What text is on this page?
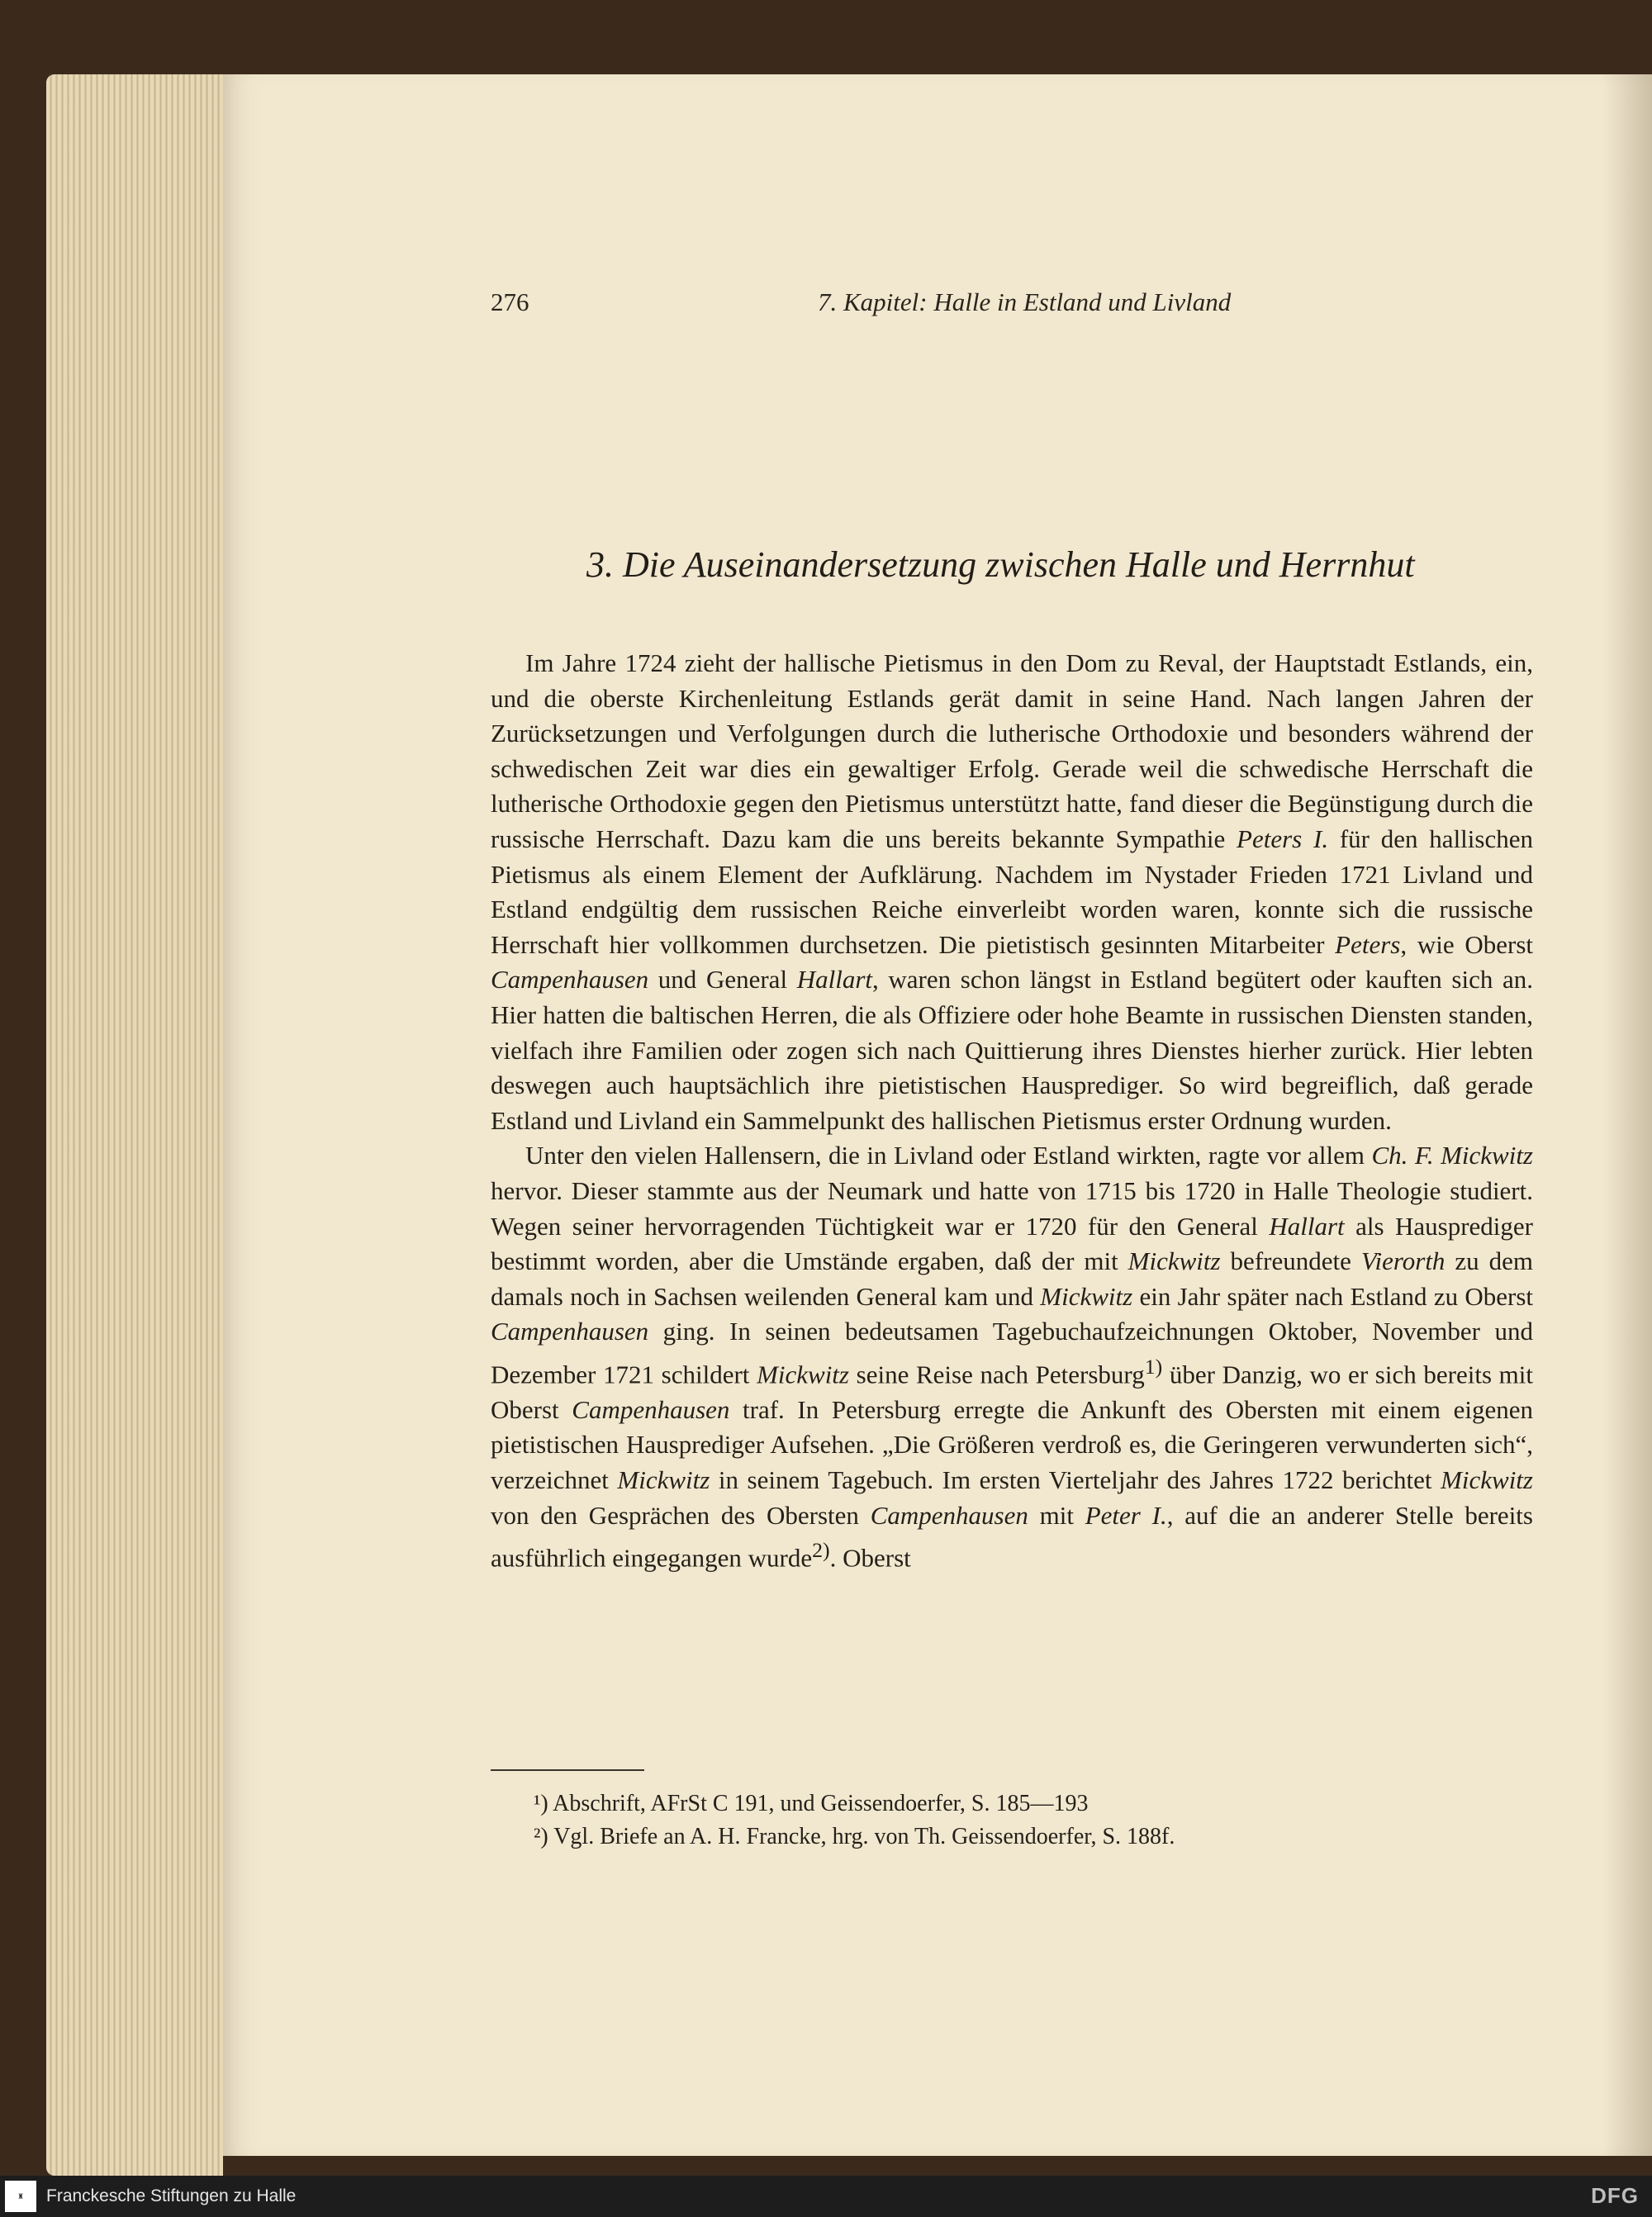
276	7. Kapitel: Halle in Estland und Livland
3. Die Auseinandersetzung zwischen Halle und Herrnhut

Im Jahre 1724 zieht der hallische Pietismus in den Dom zu Reval, der Hauptstadt Estlands, ein, und die oberste Kirchenleitung Estlands gerät damit in seine Hand. Nach langen Jahren der Zurücksetzungen und Verfolgungen durch die lutherische Orthodoxie und besonders während der schwedischen Zeit war dies ein gewaltiger Erfolg. Gerade weil die schwedische Herrschaft die lutherische Orthodoxie gegen den Pietismus unterstützt hatte, fand dieser die Begünstigung durch die russische Herrschaft. Dazu kam die uns bereits bekannte Sympathie Peters I. für den hallischen Pietismus als einem Element der Aufklärung. Nachdem im Nystader Frieden 1721 Livland und Estland endgültig dem russischen Reiche einverleibt worden waren, konnte sich die russische Herrschaft hier vollkommen durchsetzen. Die pietistisch gesinnten Mitarbeiter Peters, wie Oberst Campenhausen und General Hallart, waren schon längst in Estland begütert oder kauften sich an. Hier hatten die baltischen Herren, die als Offiziere oder hohe Beamte in russischen Diensten standen, vielfach ihre Familien oder zogen sich nach Quittierung ihres Dienstes hierher zurück. Hier lebten deswegen auch hauptsächlich ihre pietistischen Hausprediger. So wird begreiflich, daß gerade Estland und Livland ein Sammelpunkt des hallischen Pietismus erster Ordnung wurden.

Unter den vielen Hallensern, die in Livland oder Estland wirkten, ragte vor allem Ch. F. Mickwitz hervor. Dieser stammte aus der Neumark und hatte von 1715 bis 1720 in Halle Theologie studiert. Wegen seiner hervorragenden Tüchtigkeit war er 1720 für den General Hallart als Hausprediger bestimmt worden, aber die Umstände ergaben, daß der mit Mickwitz befreundete Vierorth zu dem damals noch in Sachsen weilenden General kam und Mickwitz ein Jahr später nach Estland zu Oberst Campenhausen ging. In seinen bedeutsamen Tagebuchaufzeichnungen Oktober, November und Dezember 1721 schildert Mickwitz seine Reise nach Petersburg$^{1)}$ über Danzig, wo er sich bereits mit Oberst Campenhausen traf. In Petersburg erregte die Ankunft des Obersten mit einem eigenen pietistischen Hausprediger Aufsehen. „Die Größeren verdroß es, die Geringeren verwunderten sich“, verzeichnet Mickwitz in seinem Tagebuch. Im ersten Vierteljahr des Jahres 1722 berichtet Mickwitz von den Gesprächen des Obersten Campenhausen mit Peter I., auf die an anderer Stelle bereits ausführlich eingegangen wurde$^{2)}$. Oberst

¹) Abschrift, AFrSt C 191, und Geissendoerfer, S. 185—193
²) Vgl. Briefe an A. H. Francke, hrg. von Th. Geissendoerfer, S. 188f.
♜	Franckesche Stiftungen zu Halle	DFG
